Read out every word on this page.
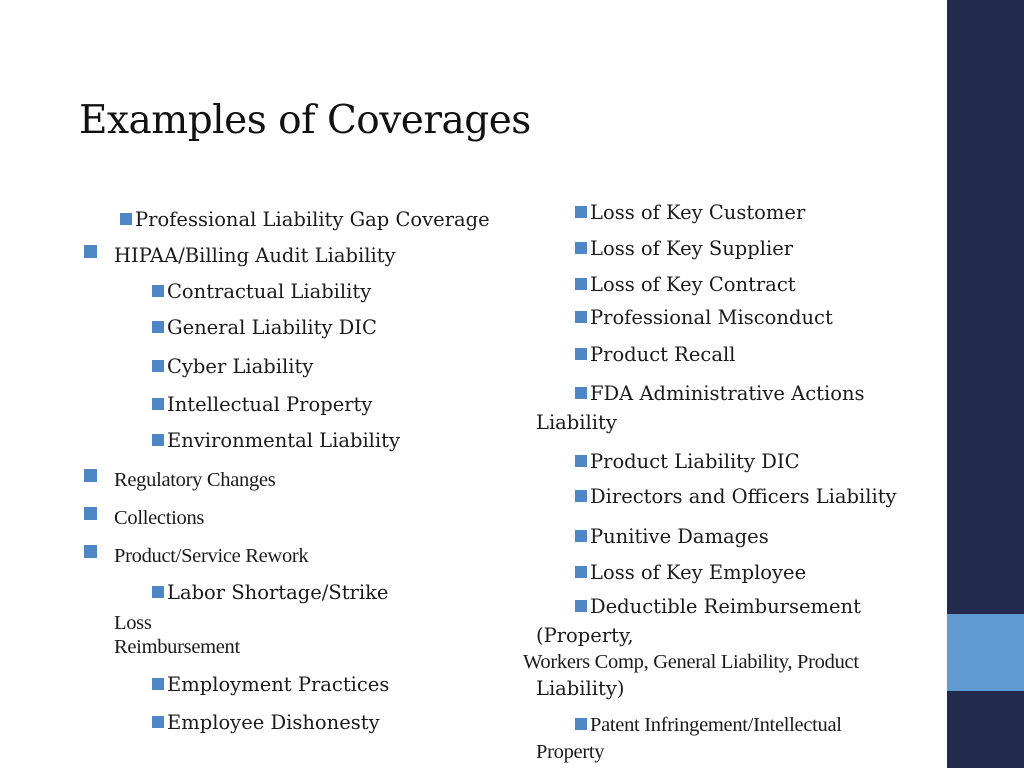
Examples of Coverages
Professional Liability Gap Coverage
HIPAA/Billing Audit Liability
Contractual Liability
General Liability DIC
Cyber Liability
Intellectual Property
Environmental Liability
Regulatory Changes
Collections
Product/Service Rework
Labor Shortage/Strike
Loss
Reimbursement
Employment Practices
Employee Dishonesty
Loss of Key Customer
Loss of Key Supplier
Loss of Key Contract
Professional Misconduct
Product Recall
FDA Administrative Actions
Liability
Product Liability DIC
Directors and Officers Liability
Punitive Damages
Loss of Key Employee
Deductible Reimbursement
(Property,
Workers Comp, General Liability, Product
Liability)
Patent Infringement/Intellectual
Property
